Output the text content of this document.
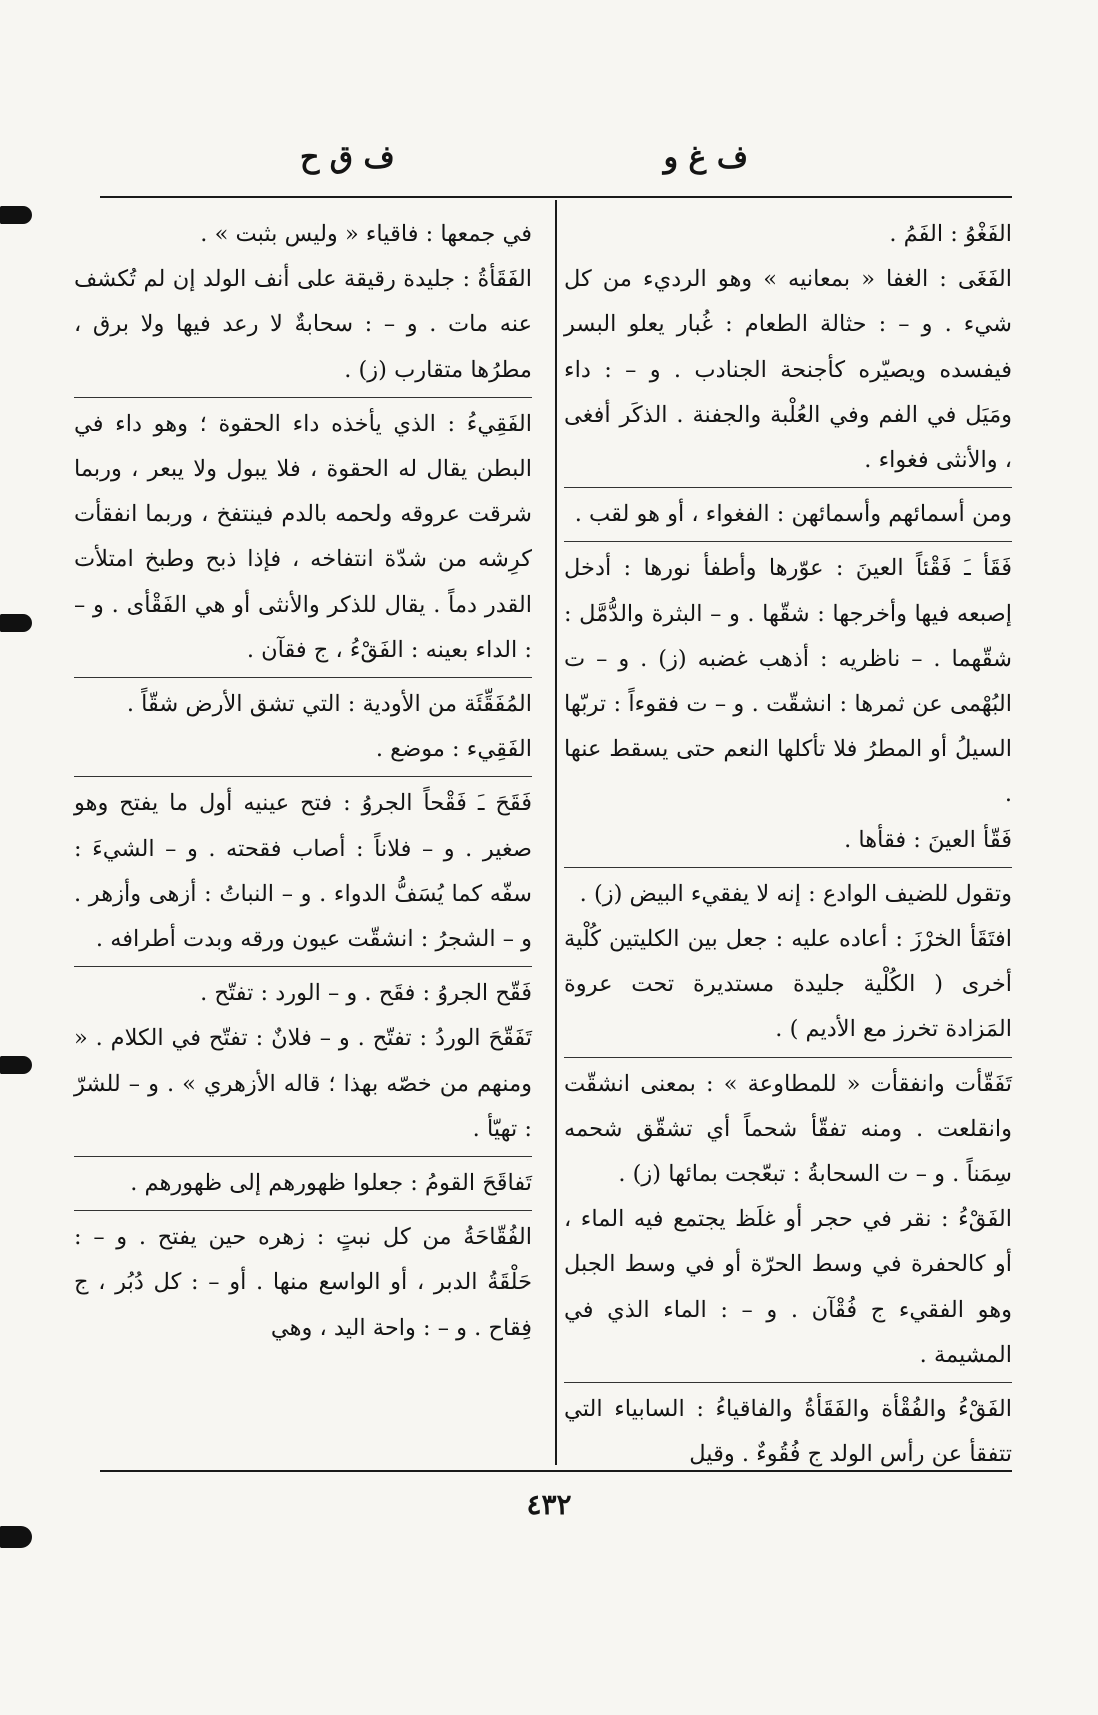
ف غ و
ف ق ح

الفَغْوُ : الفَمُ .

الفَغَى : الغفا « بمعانيه » وهو الرديء من كل شيء . و – : حثالة الطعام : غُبار يعلو البسر فيفسده ويصيّره كأجنحة الجنادب . و – : داء ومَيَل في الفم وفي العُلْبة والجفنة . الذكَر أفغى ، والأنثى فغواء .

ومن أسمائهم وأسمائهن : الفغواء ، أو هو لقب .

فَقَأ ـَ فَقْئاً العينَ : عوّرها وأطفأ نورها : أدخل إصبعه فيها وأخرجها : شقّها . و – البثرة والدُّمَّل : شقّهما . – ناظريه : أذهب غضبه (ز) . و – ت البُهْمى عن ثمرها : انشقّت . و – ت فقوءاً : تربّها السيلُ أو المطرُ فلا تأكلها النعم حتى يسقط عنها .

فَقّأ العينَ : فقأها .

وتقول للضيف الوادع : إنه لا يفقيء البيض (ز) .

افتَقَأ الخرْزَ : أعاده عليه : جعل بين الكليتين كُلْية أخرى ( الكُلْية جليدة مستديرة تحت عروة المَزادة تخرز مع الأديم ) .

تَفَقّأت وانفقأت « للمطاوعة » : بمعنى انشقّت وانقلعت . ومنه تفقّأ شحماً أي تشقّق شحمه سِمَناً . و – ت السحابةُ : تبعّجت بمائها (ز) .

الفَقْءُ : نقر في حجر أو غلَظ يجتمع فيه الماء ، أو كالحفرة في وسط الحرّة أو في وسط الجبل وهو الفقيء ج فُقْآن . و – : الماء الذي في المشيمة .

الفَقْءُ والفُقْأة والفَقَأةُ والفاقياءُ : السابياء التي تتفقأ عن رأس الولد ج فُقُوءٌ . وقيل

في جمعها : فاقياء « وليس بثبت » .

الفَقَأةُ : جليدة رقيقة على أنف الولد إن لم تُكشف عنه مات . و – : سحابةٌ لا رعد فيها ولا برق ، مطرُها متقارب (ز) .

الفَقِيءُ : الذي يأخذه داء الحقوة ؛ وهو داء في البطن يقال له الحقوة ، فلا يبول ولا يبعر ، وربما شرقت عروقه ولحمه بالدم فينتفخ ، وربما انفقأت كرِشه من شدّة انتفاخه ، فإذا ذبح وطبخ امتلأت القدر دماً . يقال للذكر والأنثى أو هي الفَقْأى . و – : الداء بعينه : الفَقْءُ ، ج فقآن .

المُفَقِّئَة من الأودية : التي تشق الأرض شقّاً .

الفَقِيء : موضع .

فَقَحَ ـَ فَقْحاً الجروُ : فتح عينيه أول ما يفتح وهو صغير . و – فلاناً : أصاب فقحته . و – الشيءَ : سفّه كما يُسَفُّ الدواء . و – النباتُ : أزهى وأزهر . و – الشجرُ : انشقّت عيون ورقه وبدت أطرافه .

فَقّح الجروُ : فقَح . و – الورد : تفتّح .

تَفَقّحَ الوردُ : تفتّح . و – فلانٌ : تفتّح في الكلام . « ومنهم من خصّه بهذا ؛ قاله الأزهري » . و – للشرّ : تهيّأ .

تَفاقَحَ القومُ : جعلوا ظهورهم إلى ظهورهم .

الفُقّاحَةُ من كل نبتٍ : زهره حين يفتح . و – : حَلْقَةُ الدبر ، أو الواسع منها . أو – : كل دُبُر ، ج فِقاح . و – : واحة اليد ، وهي

٤٣٢
